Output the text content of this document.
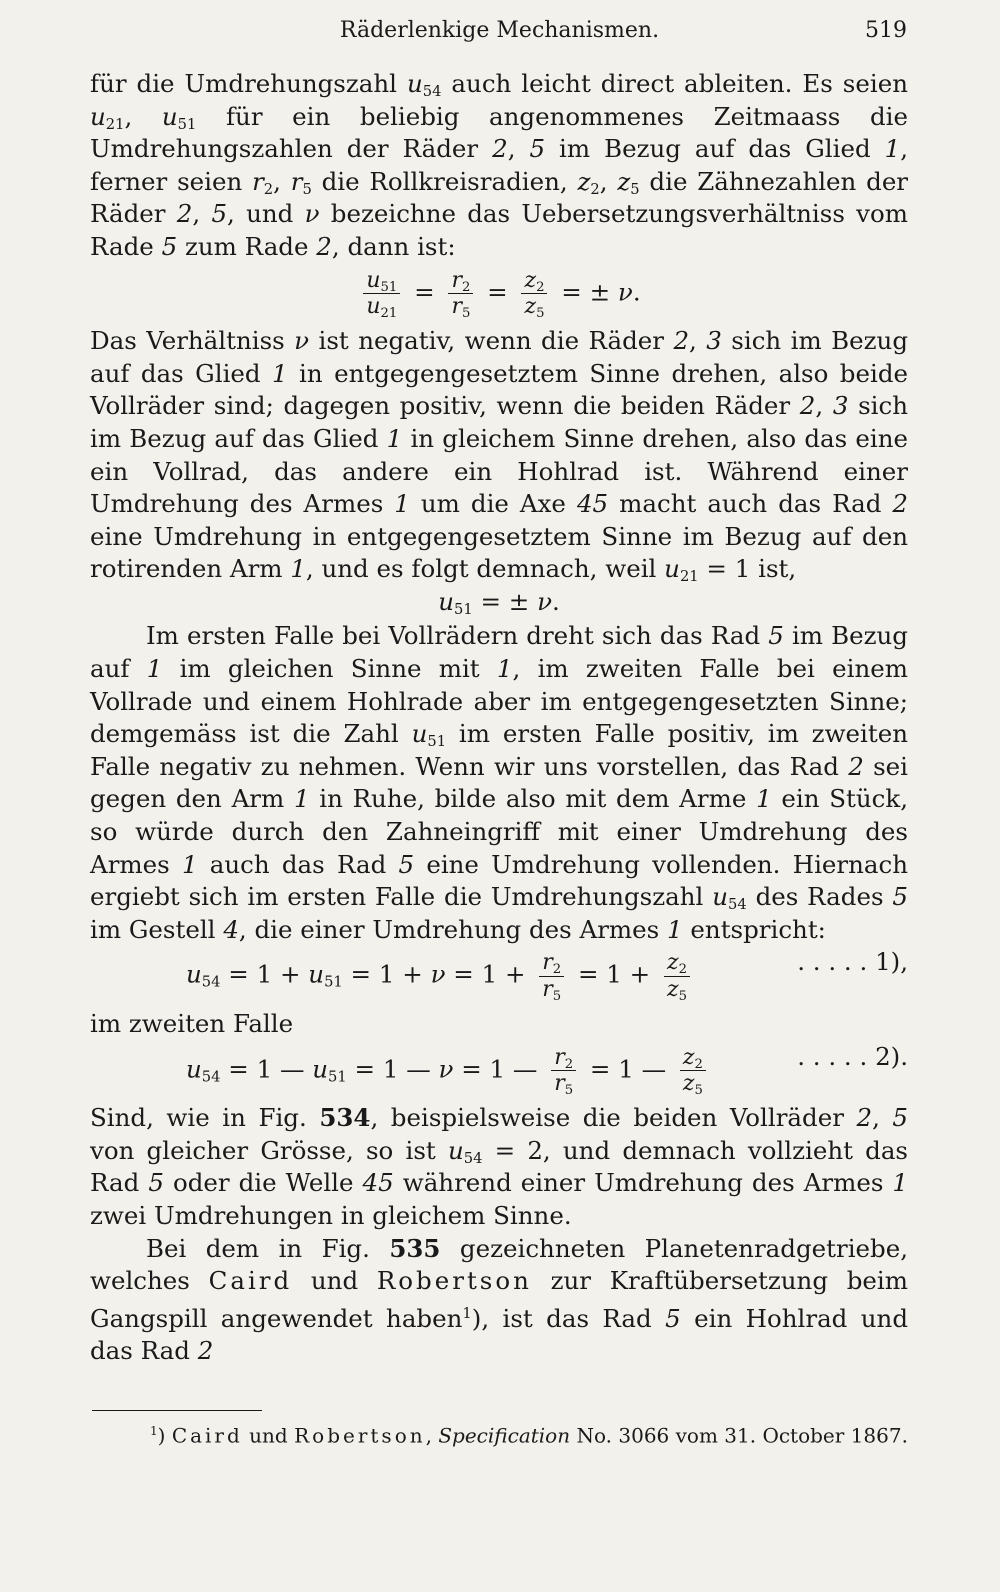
Räderlenkige Mechanismen.	519

für die Umdrehungszahl $u_{54}$ auch leicht direct ableiten. Es seien $u_{21}$, $u_{51}$ für ein beliebig angenommenes Zeitmaass die Umdrehungszahlen der Räder 2, 5 im Bezug auf das Glied 1, ferner seien $r_2$, $r_5$ die Rollkreisradien, $z_2$, $z_5$ die Zähnezahlen der Räder 2, 5, und ν bezeichne das Uebersetzungsverhältniss vom Rade 5 zum Rade 2, dann ist:

$\frac{u_{51}}{u_{21}} = \frac{r_2}{r_5} = \frac{z_2}{z_5}$ = ± ν.

Das Verhältniss ν ist negativ, wenn die Räder 2, 3 sich im Bezug auf das Glied 1 in entgegengesetztem Sinne drehen, also beide Vollräder sind; dagegen positiv, wenn die beiden Räder 2, 3 sich im Bezug auf das Glied 1 in gleichem Sinne drehen, also das eine ein Vollrad, das andere ein Hohlrad ist. Während einer Umdrehung des Armes 1 um die Axe 45 macht auch das Rad 2 eine Umdrehung in entgegengesetztem Sinne im Bezug auf den rotirenden Arm 1, und es folgt demnach, weil $u_{21} = 1$ ist,

$u_{51}$ = ± ν.

Im ersten Falle bei Vollrädern dreht sich das Rad 5 im Bezug auf 1 im gleichen Sinne mit 1, im zweiten Falle bei einem Vollrade und einem Hohlrade aber im entgegengesetzten Sinne; demgemäss ist die Zahl $u_{51}$ im ersten Falle positiv, im zweiten Falle negativ zu nehmen. Wenn wir uns vorstellen, das Rad 2 sei gegen den Arm 1 in Ruhe, bilde also mit dem Arme 1 ein Stück, so würde durch den Zahneingriff mit einer Umdrehung des Armes 1 auch das Rad 5 eine Umdrehung vollenden. Hiernach ergiebt sich im ersten Falle die Umdrehungszahl $u_{54}$ des Rades 5 im Gestell 4, die einer Umdrehung des Armes 1 entspricht:

$u_{54} = 1 + u_{51} = 1 + \nu = 1 + \frac{r_2}{r_5} = 1 + \frac{z_2}{z_5}$	. . . . . 1),

im zweiten Falle

$u_{54} = 1$ — $u_{51} = 1$ — ν = 1 — $\frac{r_2}{r_5} = 1$ — $\frac{z_2}{z_5}$	. . . . . 2).

Sind, wie in Fig. 534, beispielsweise die beiden Vollräder 2, 5 von gleicher Grösse, so ist $u_{54} = 2$, und demnach vollzieht das Rad 5 oder die Welle 45 während einer Umdrehung des Armes 1 zwei Umdrehungen in gleichem Sinne.

Bei dem in Fig. 535 gezeichneten Planetenradgetriebe, welches Caird und Robertson zur Kraftübersetzung beim Gangspill angewendet haben$^1$), ist das Rad 5 ein Hohlrad und das Rad 2

$^1$) Caird und Robertson, Specification No. 3066 vom 31. October 1867.
